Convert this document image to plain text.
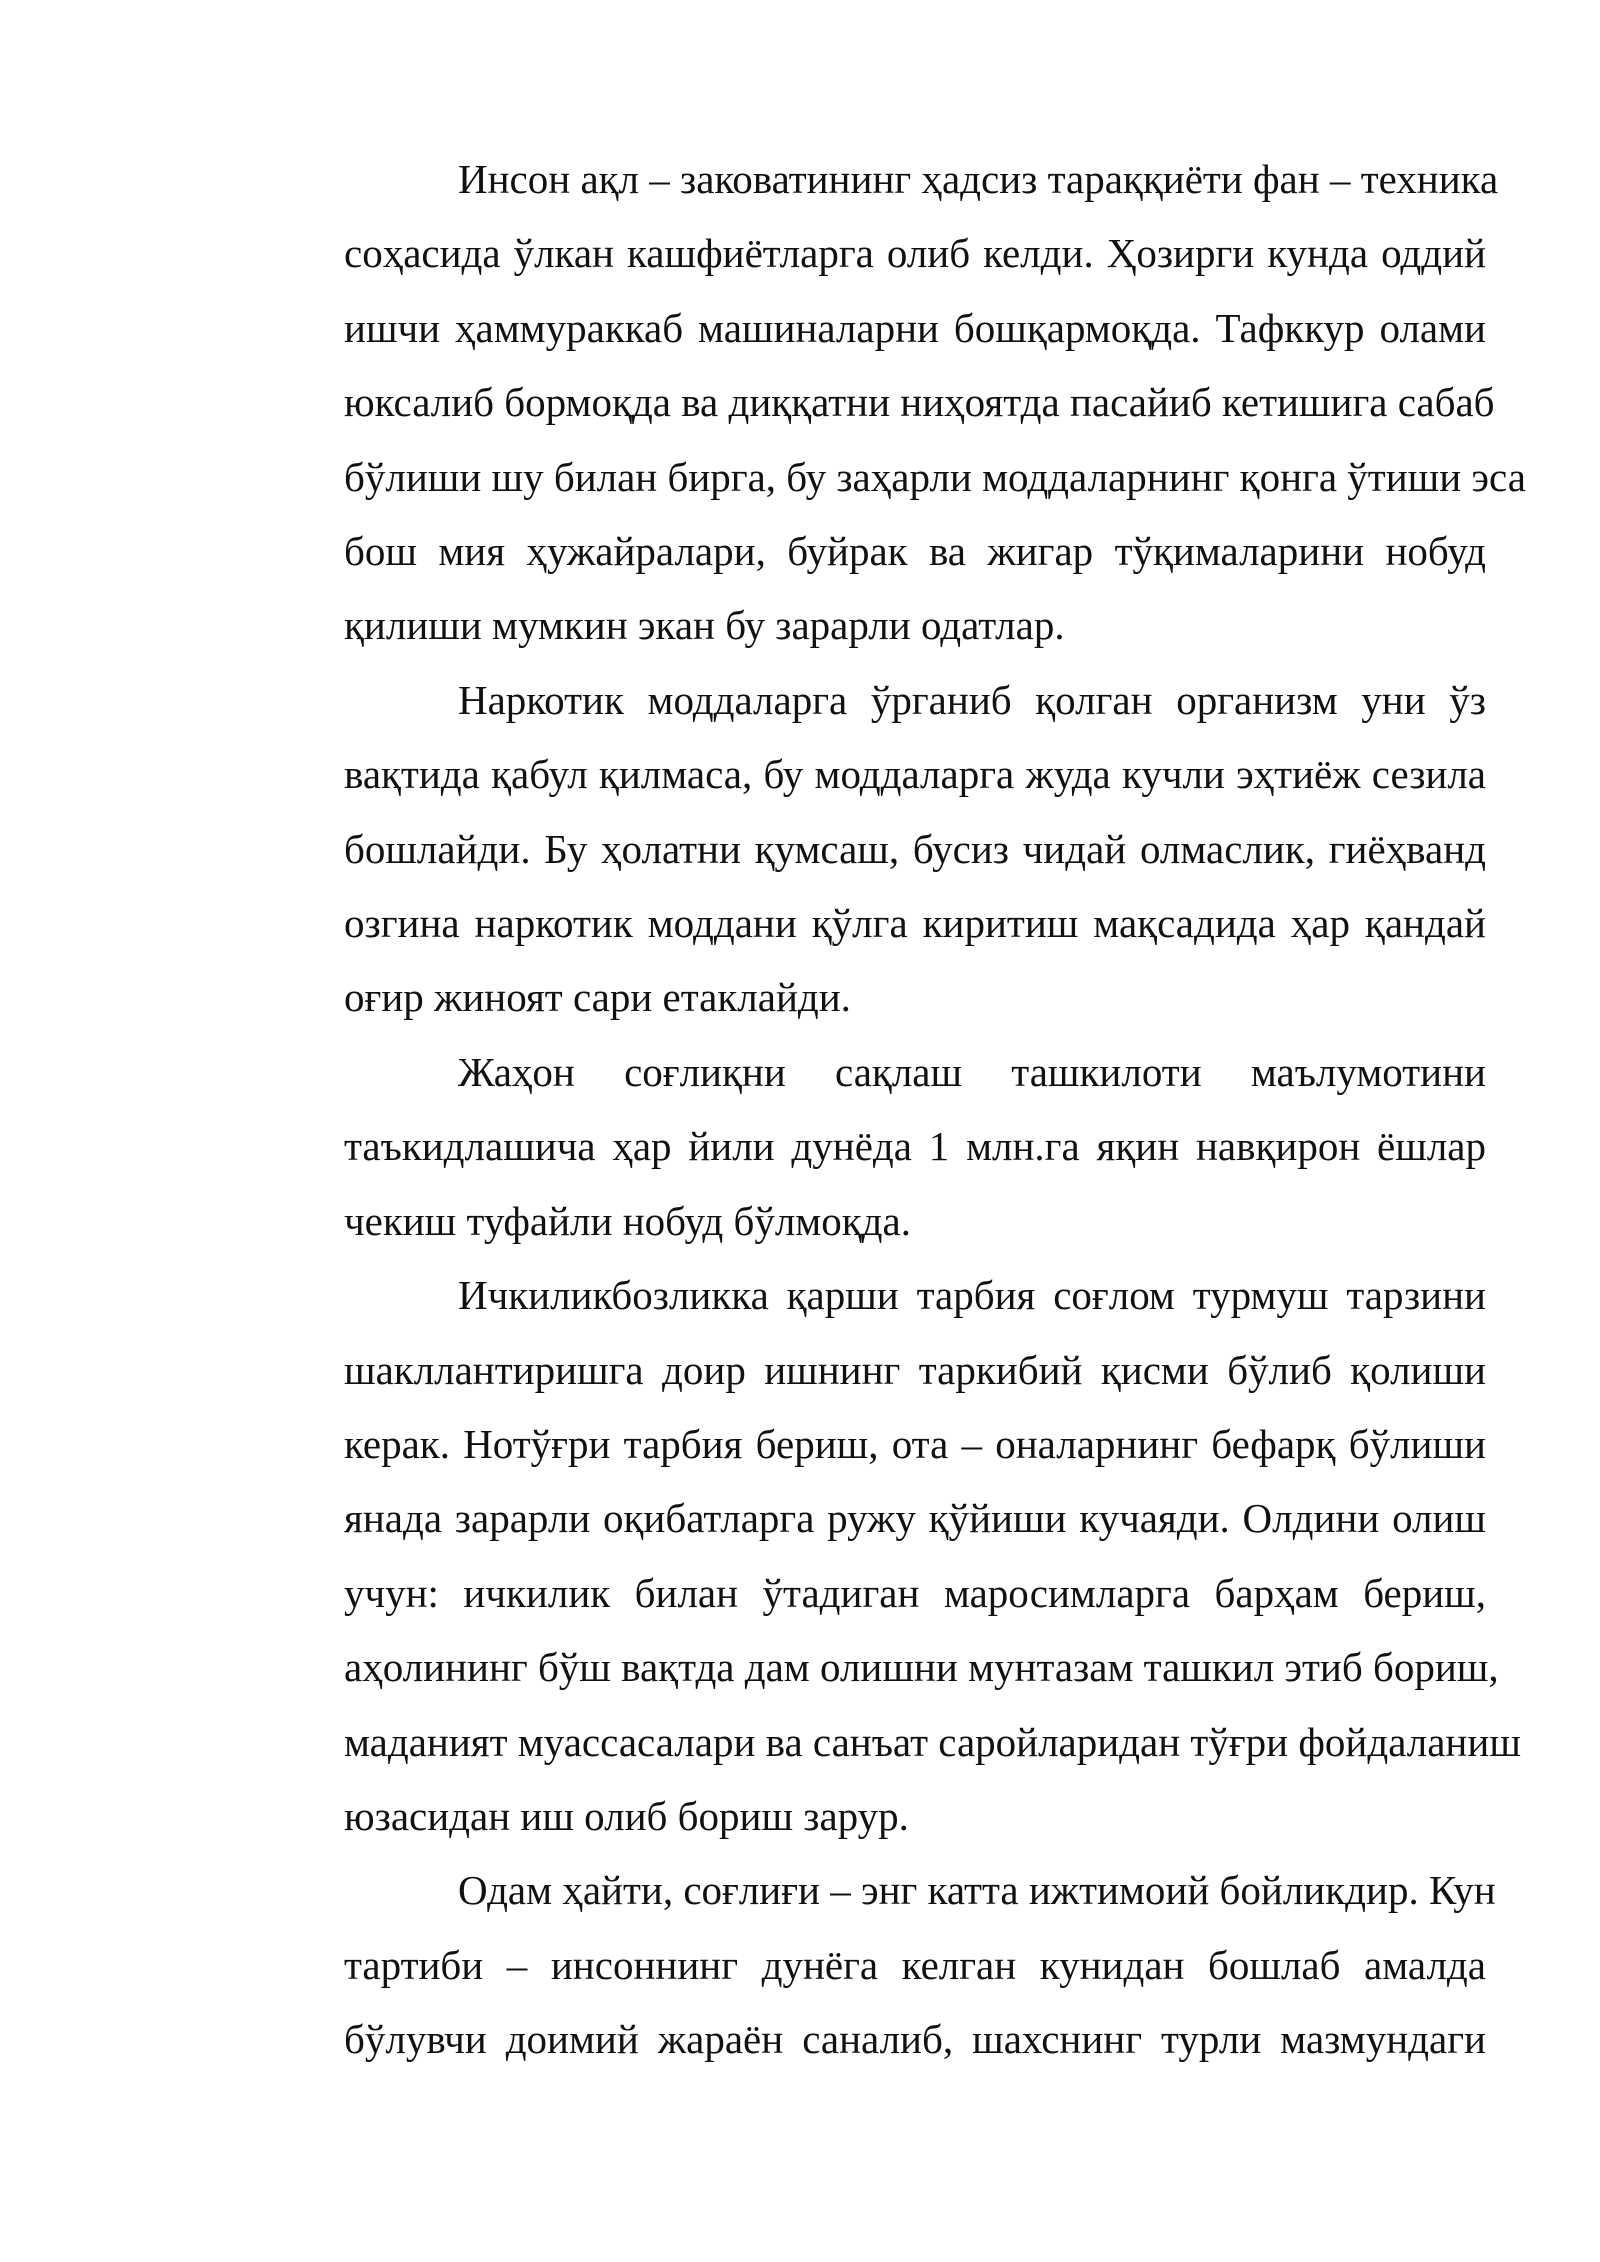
Инсон ақл – заковатининг ҳадсиз тараққиёти фан – техника
соҳасида ўлкан кашфиётларга олиб келди. Ҳозирги кунда оддий
ишчи ҳаммураккаб машиналарни бошқармоқда. Тафккур олами
юксалиб бормоқда ва диққатни ниҳоятда пасайиб кетишига сабаб
бўлиши шу билан бирга, бу заҳарли моддаларнинг қонга ўтиши эса
бош мия ҳужайралари, буйрак ва жигар тўқималарини нобуд
қилиши мумкин экан бу зарарли одатлар.
Наркотик моддаларга ўрганиб қолган организм уни ўз
вақтида қабул қилмаса, бу моддаларга жуда кучли эҳтиёж сезила
бошлайди. Бу ҳолатни қумсаш, бусиз чидай олмаслик, гиёҳванд
озгина наркотик моддани қўлга киритиш мақсадида ҳар қандай
оғир жиноят сари етаклайди.
Жаҳон соғлиқни сақлаш ташкилоти маълумотини
таъкидлашича ҳар йили дунёда 1 млн.га яқин навқирон ёшлар
чекиш туфайли нобуд бўлмоқда.
Ичкиликбозликка қарши тарбия соғлом турмуш тарзини
шакллантиришга доир ишнинг таркибий қисми бўлиб қолиши
керак. Нотўғри тарбия бериш, ота – оналарнинг бефарқ бўлиши
янада зарарли оқибатларга ружу қўйиши кучаяди. Олдини олиш
учун: ичкилик билан ўтадиган маросимларга барҳам бериш,
аҳолининг бўш вақтда дам олишни мунтазам ташкил этиб бориш,
маданият муассасалари ва санъат саройларидан тўғри фойдаланиш
юзасидан иш олиб бориш зарур.
Одам ҳайти, соғлиғи – энг катта ижтимоий бойликдир. Кун
тартиби – инсоннинг дунёга келган кунидан бошлаб амалда
бўлувчи доимий жараён саналиб, шахснинг турли мазмундаги
